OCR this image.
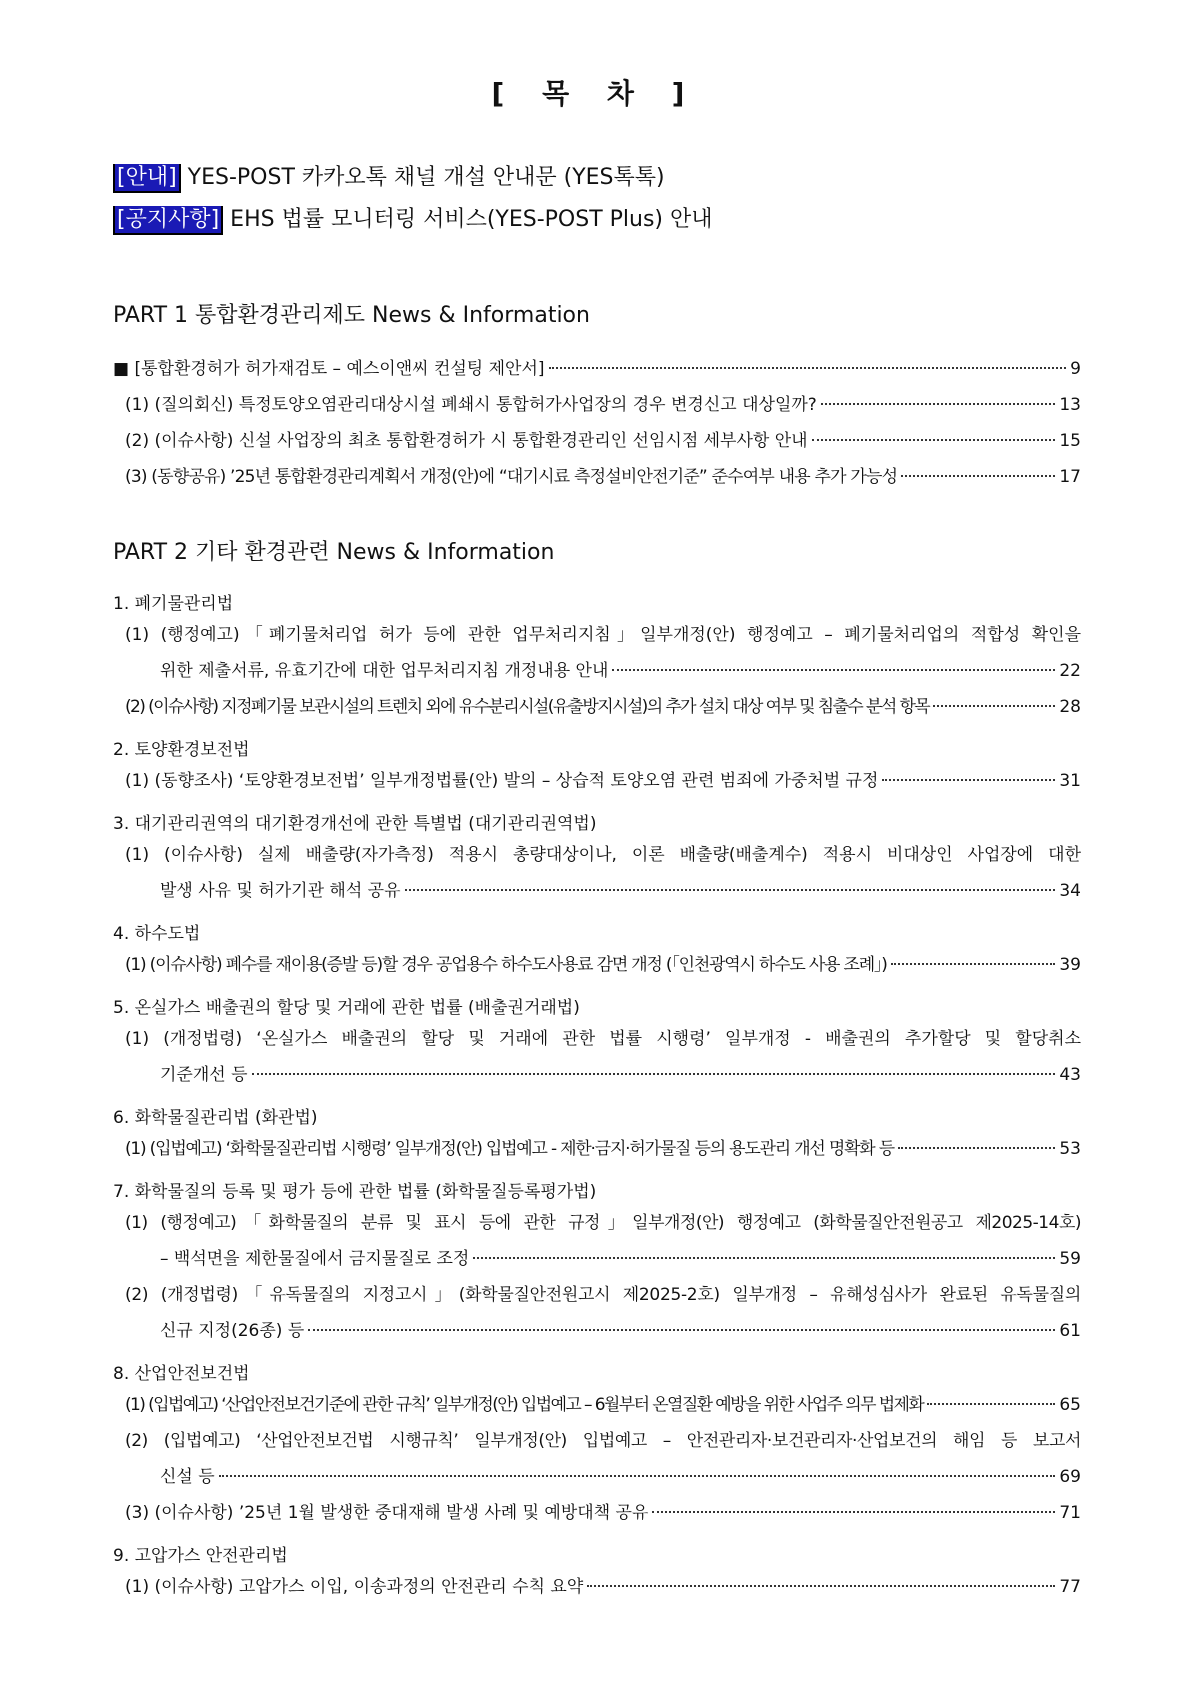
[ 목 차 ]
[안내] YES-POST 카카오톡 채널 개설 안내문 (YES톡톡)
[공지사항] EHS 법률 모니터링 서비스(YES-POST Plus) 안내
PART 1 통합환경관리제도 News & Information
■ [통합환경허가 허가재검토 – 예스이앤씨 컨설팅 제안서]	9
(1) (질의회신) 특정토양오염관리대상시설 폐쇄시 통합허가사업장의 경우 변경신고 대상일까?	13
(2) (이슈사항) 신설 사업장의 최초 통합환경허가 시 통합환경관리인 선임시점 세부사항 안내	15
(3) (동향공유) ’25년 통합환경관리계획서 개정(안)에 “대기시료 측정설비안전기준” 준수여부 내용 추가 가능성	17
PART 2 기타 환경관련 News & Information
1. 폐기물관리법
(1) (행정예고)「폐기물처리업 허가 등에 관한 업무처리지침」일부개정(안) 행정예고 – 폐기물처리업의 적합성 확인을
위한 제출서류, 유효기간에 대한 업무처리지침 개정내용 안내	22
(2) (이슈사항) 지정폐기물 보관시설의 트렌치 외에 유수분리시설(유출방지시설)의 추가 설치 대상 여부 및 침출수 분석 항목	28
2. 토양환경보전법
(1) (동향조사) ‘토양환경보전법’ 일부개정법률(안) 발의 – 상습적 토양오염 관련 범죄에 가중처벌 규정	31
3. 대기관리권역의 대기환경개선에 관한 특별법 (대기관리권역법)
(1) (이슈사항) 실제 배출량(자가측정) 적용시 총량대상이나, 이론 배출량(배출계수) 적용시 비대상인 사업장에 대한
발생 사유 및 허가기관 해석 공유	34
4. 하수도법
(1) (이슈사항) 폐수를 재이용(증발 등)할 경우 공업용수 하수도사용료 감면 개정 (「인천광역시 하수도 사용 조례」)	39
5. 온실가스 배출권의 할당 및 거래에 관한 법률 (배출권거래법)
(1) (개정법령) ‘온실가스 배출권의 할당 및 거래에 관한 법률 시행령’ 일부개정 - 배출권의 추가할당 및 할당취소
기준개선 등	43
6. 화학물질관리법 (화관법)
(1) (입법예고) ‘화학물질관리법 시행령’ 일부개정(안) 입법예고 - 제한·금지·허가물질 등의 용도관리 개선 명확화 등	53
7. 화학물질의 등록 및 평가 등에 관한 법률 (화학물질등록평가법)
(1) (행정예고)「화학물질의 분류 및 표시 등에 관한 규정」일부개정(안) 행정예고 (화학물질안전원공고 제2025-14호)
– 백석면을 제한물질에서 금지물질로 조정	59
(2) (개정법령)「유독물질의 지정고시」(화학물질안전원고시 제2025-2호) 일부개정 – 유해성심사가 완료된 유독물질의
신규 지정(26종) 등	61
8. 산업안전보건법
(1) (입법예고) ‘산업안전보건기준에 관한 규칙’ 일부개정(안) 입법예고 – 6월부터 온열질환 예방을 위한 사업주 의무 법제화	65
(2) (입법예고) ‘산업안전보건법 시행규칙’ 일부개정(안) 입법예고 – 안전관리자·보건관리자·산업보건의 해임 등 보고서
신설 등	69
(3) (이슈사항) ’25년 1월 발생한 중대재해 발생 사례 및 예방대책 공유	71
9. 고압가스 안전관리법
(1) (이슈사항) 고압가스 이입, 이송과정의 안전관리 수칙 요약	77
